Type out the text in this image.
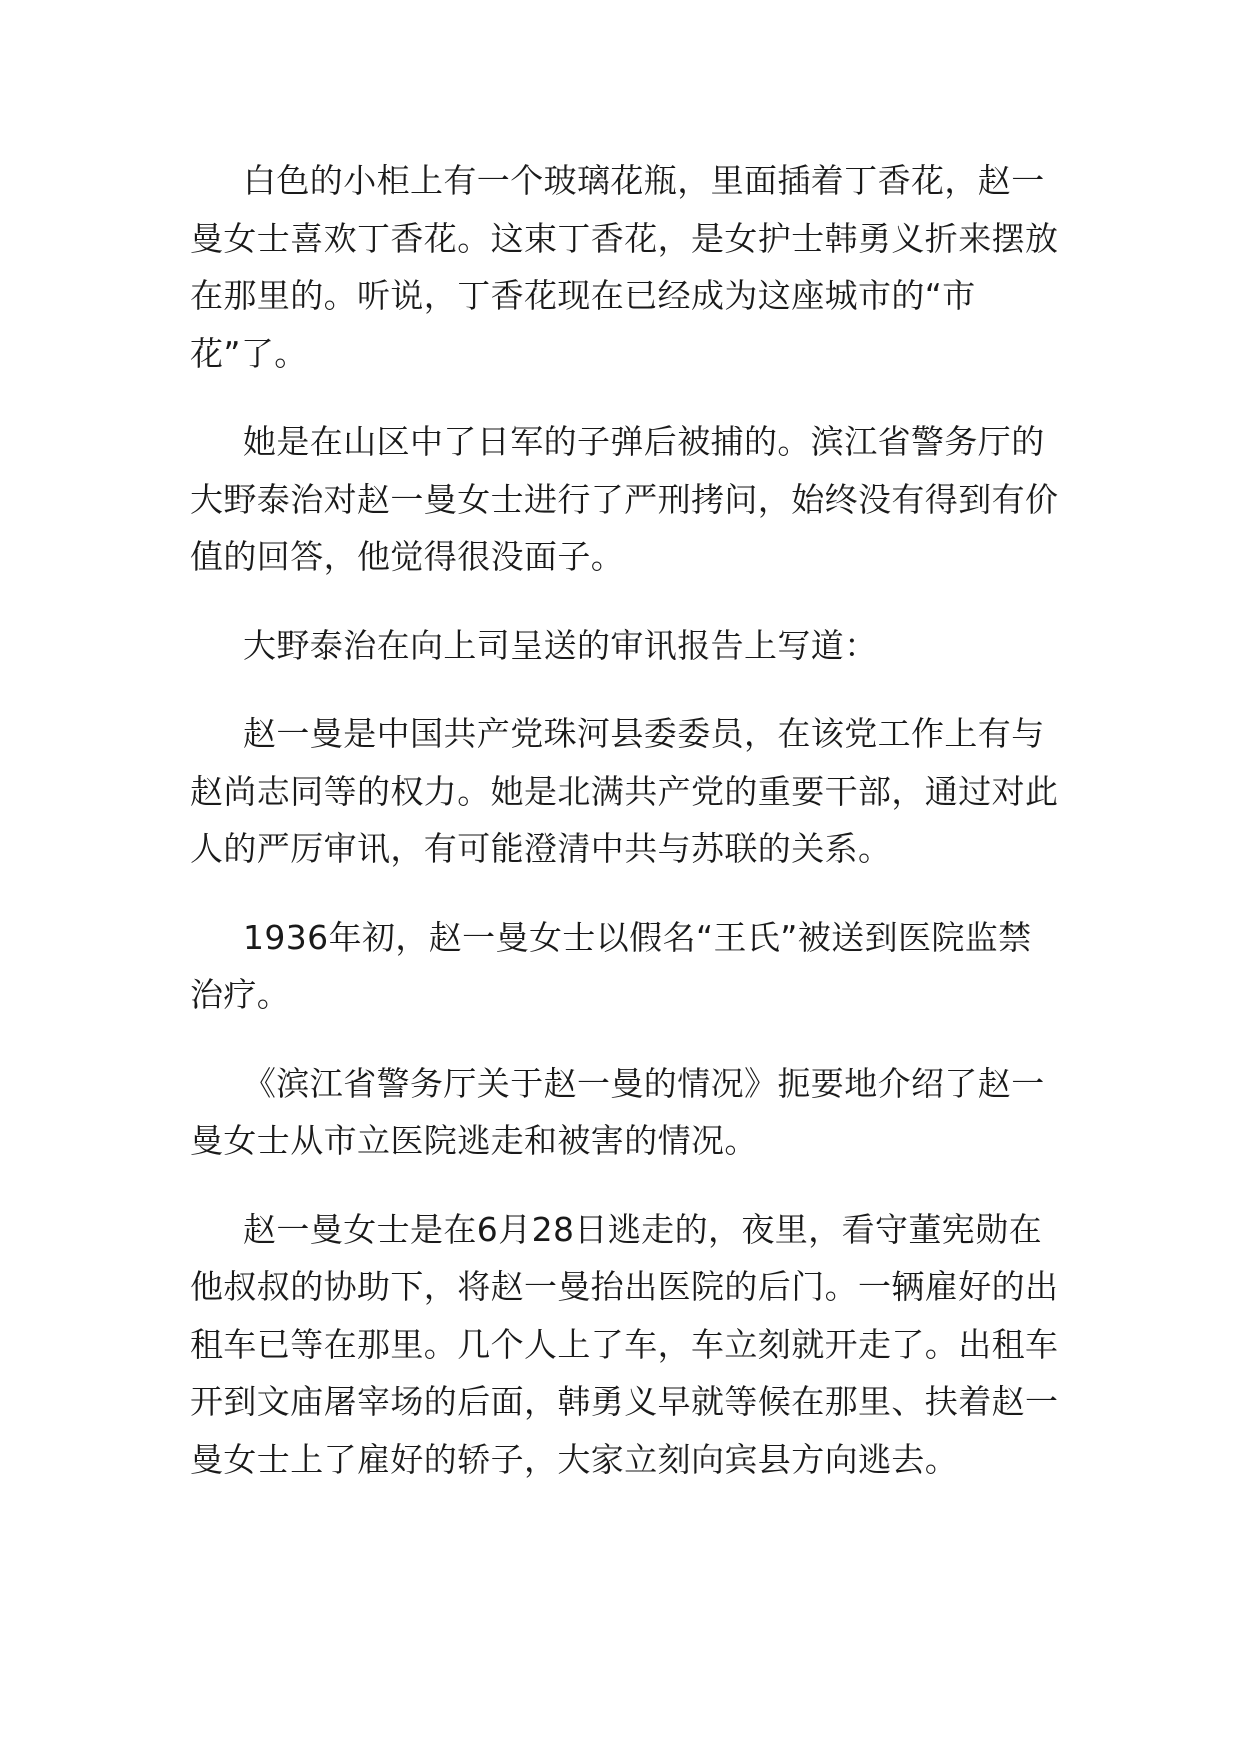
白色的小柜上有一个玻璃花瓶，里面插着丁香花，赵一曼女士喜欢丁香花。这束丁香花，是女护士韩勇义折来摆放在那里的。听说，丁香花现在已经成为这座城市的“市花”了。

她是在山区中了日军的子弹后被捕的。滨江省警务厅的大野泰治对赵一曼女士进行了严刑拷问，始终没有得到有价值的回答，他觉得很没面子。

大野泰治在向上司呈送的审讯报告上写道：

赵一曼是中国共产党珠河县委委员，在该党工作上有与赵尚志同等的权力。她是北满共产党的重要干部，通过对此人的严厉审讯，有可能澄清中共与苏联的关系。

1936年初，赵一曼女士以假名“王氏”被送到医院监禁治疗。

《滨江省警务厅关于赵一曼的情况》扼要地介绍了赵一曼女士从市立医院逃走和被害的情况。

赵一曼女士是在6月28日逃走的，夜里，看守董宪勋在他叔叔的协助下，将赵一曼抬出医院的后门。一辆雇好的出租车已等在那里。几个人上了车，车立刻就开走了。出租车开到文庙屠宰场的后面，韩勇义早就等候在那里、扶着赵一曼女士上了雇好的轿子，大家立刻向宾县方向逃去。
